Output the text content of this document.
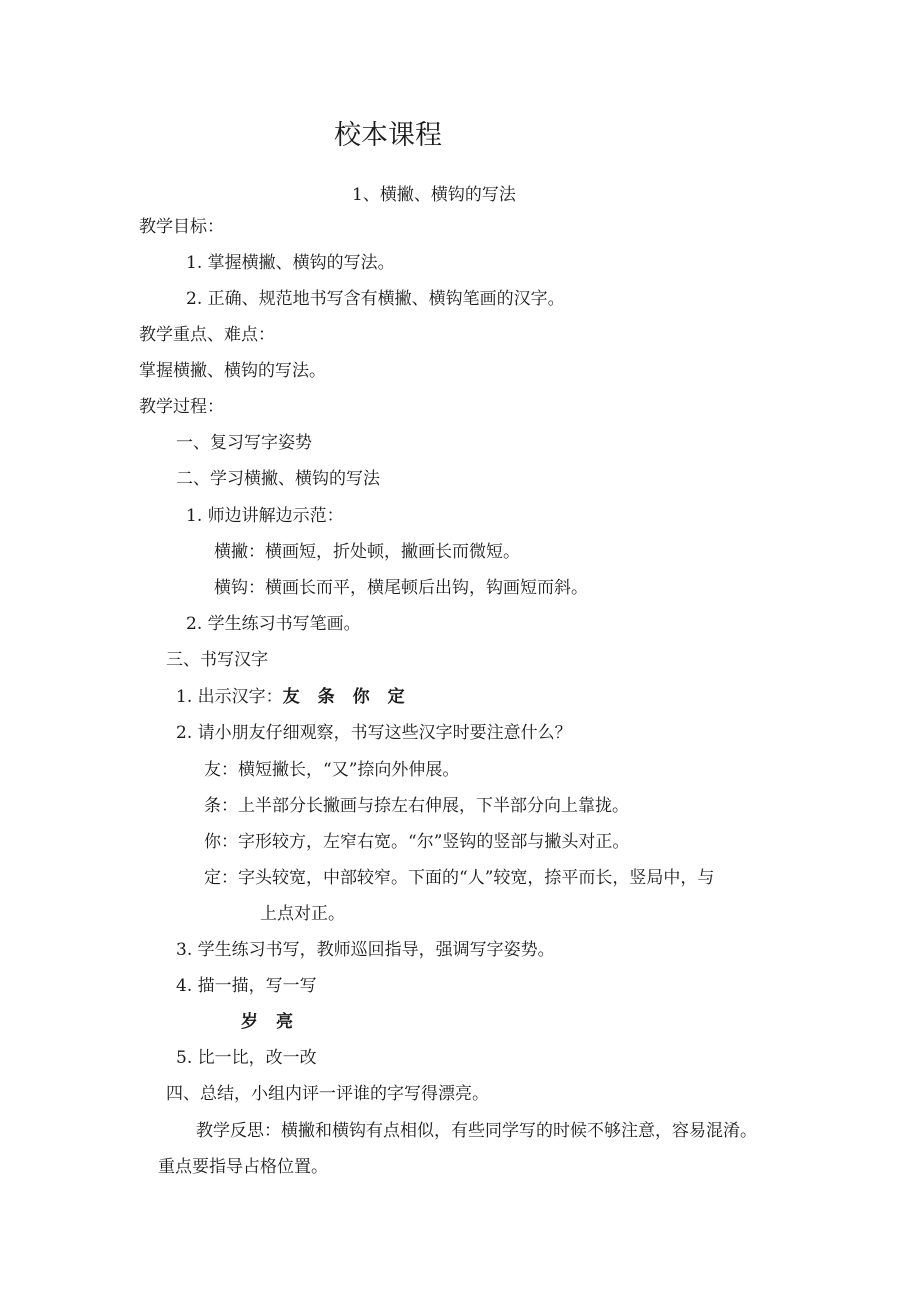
校本课程
1、横撇、横钩的写法
教学目标：
1. 掌握横撇、横钩的写法。
2. 正确、规范地书写含有横撇、横钩笔画的汉字。
教学重点、难点：
掌握横撇、横钩的写法。
教学过程：
一、复习写字姿势
二、学习横撇、横钩的写法
1. 师边讲解边示范：
横撇：横画短，折处顿，撇画长而微短。
横钩：横画长而平，横尾顿后出钩，钩画短而斜。
2. 学生练习书写笔画。
三、书写汉字
1. 出示汉字：友 条 你 定
2. 请小朋友仔细观察，书写这些汉字时要注意什么？
友：横短撇长，“又”捺向外伸展。
条：上半部分长撇画与捺左右伸展，下半部分向上靠拢。
你：字形较方，左窄右宽。“尔”竖钩的竖部与撇头对正。
定：字头较宽，中部较窄。下面的“人”较宽，捺平而长，竖局中，与
上点对正。
3. 学生练习书写，教师巡回指导，强调写字姿势。
4. 描一描，写一写
岁 亮
5. 比一比，改一改
四、总结，小组内评一评谁的字写得漂亮。
教学反思：横撇和横钩有点相似，有些同学写的时候不够注意，容易混淆。
重点要指导占格位置。
